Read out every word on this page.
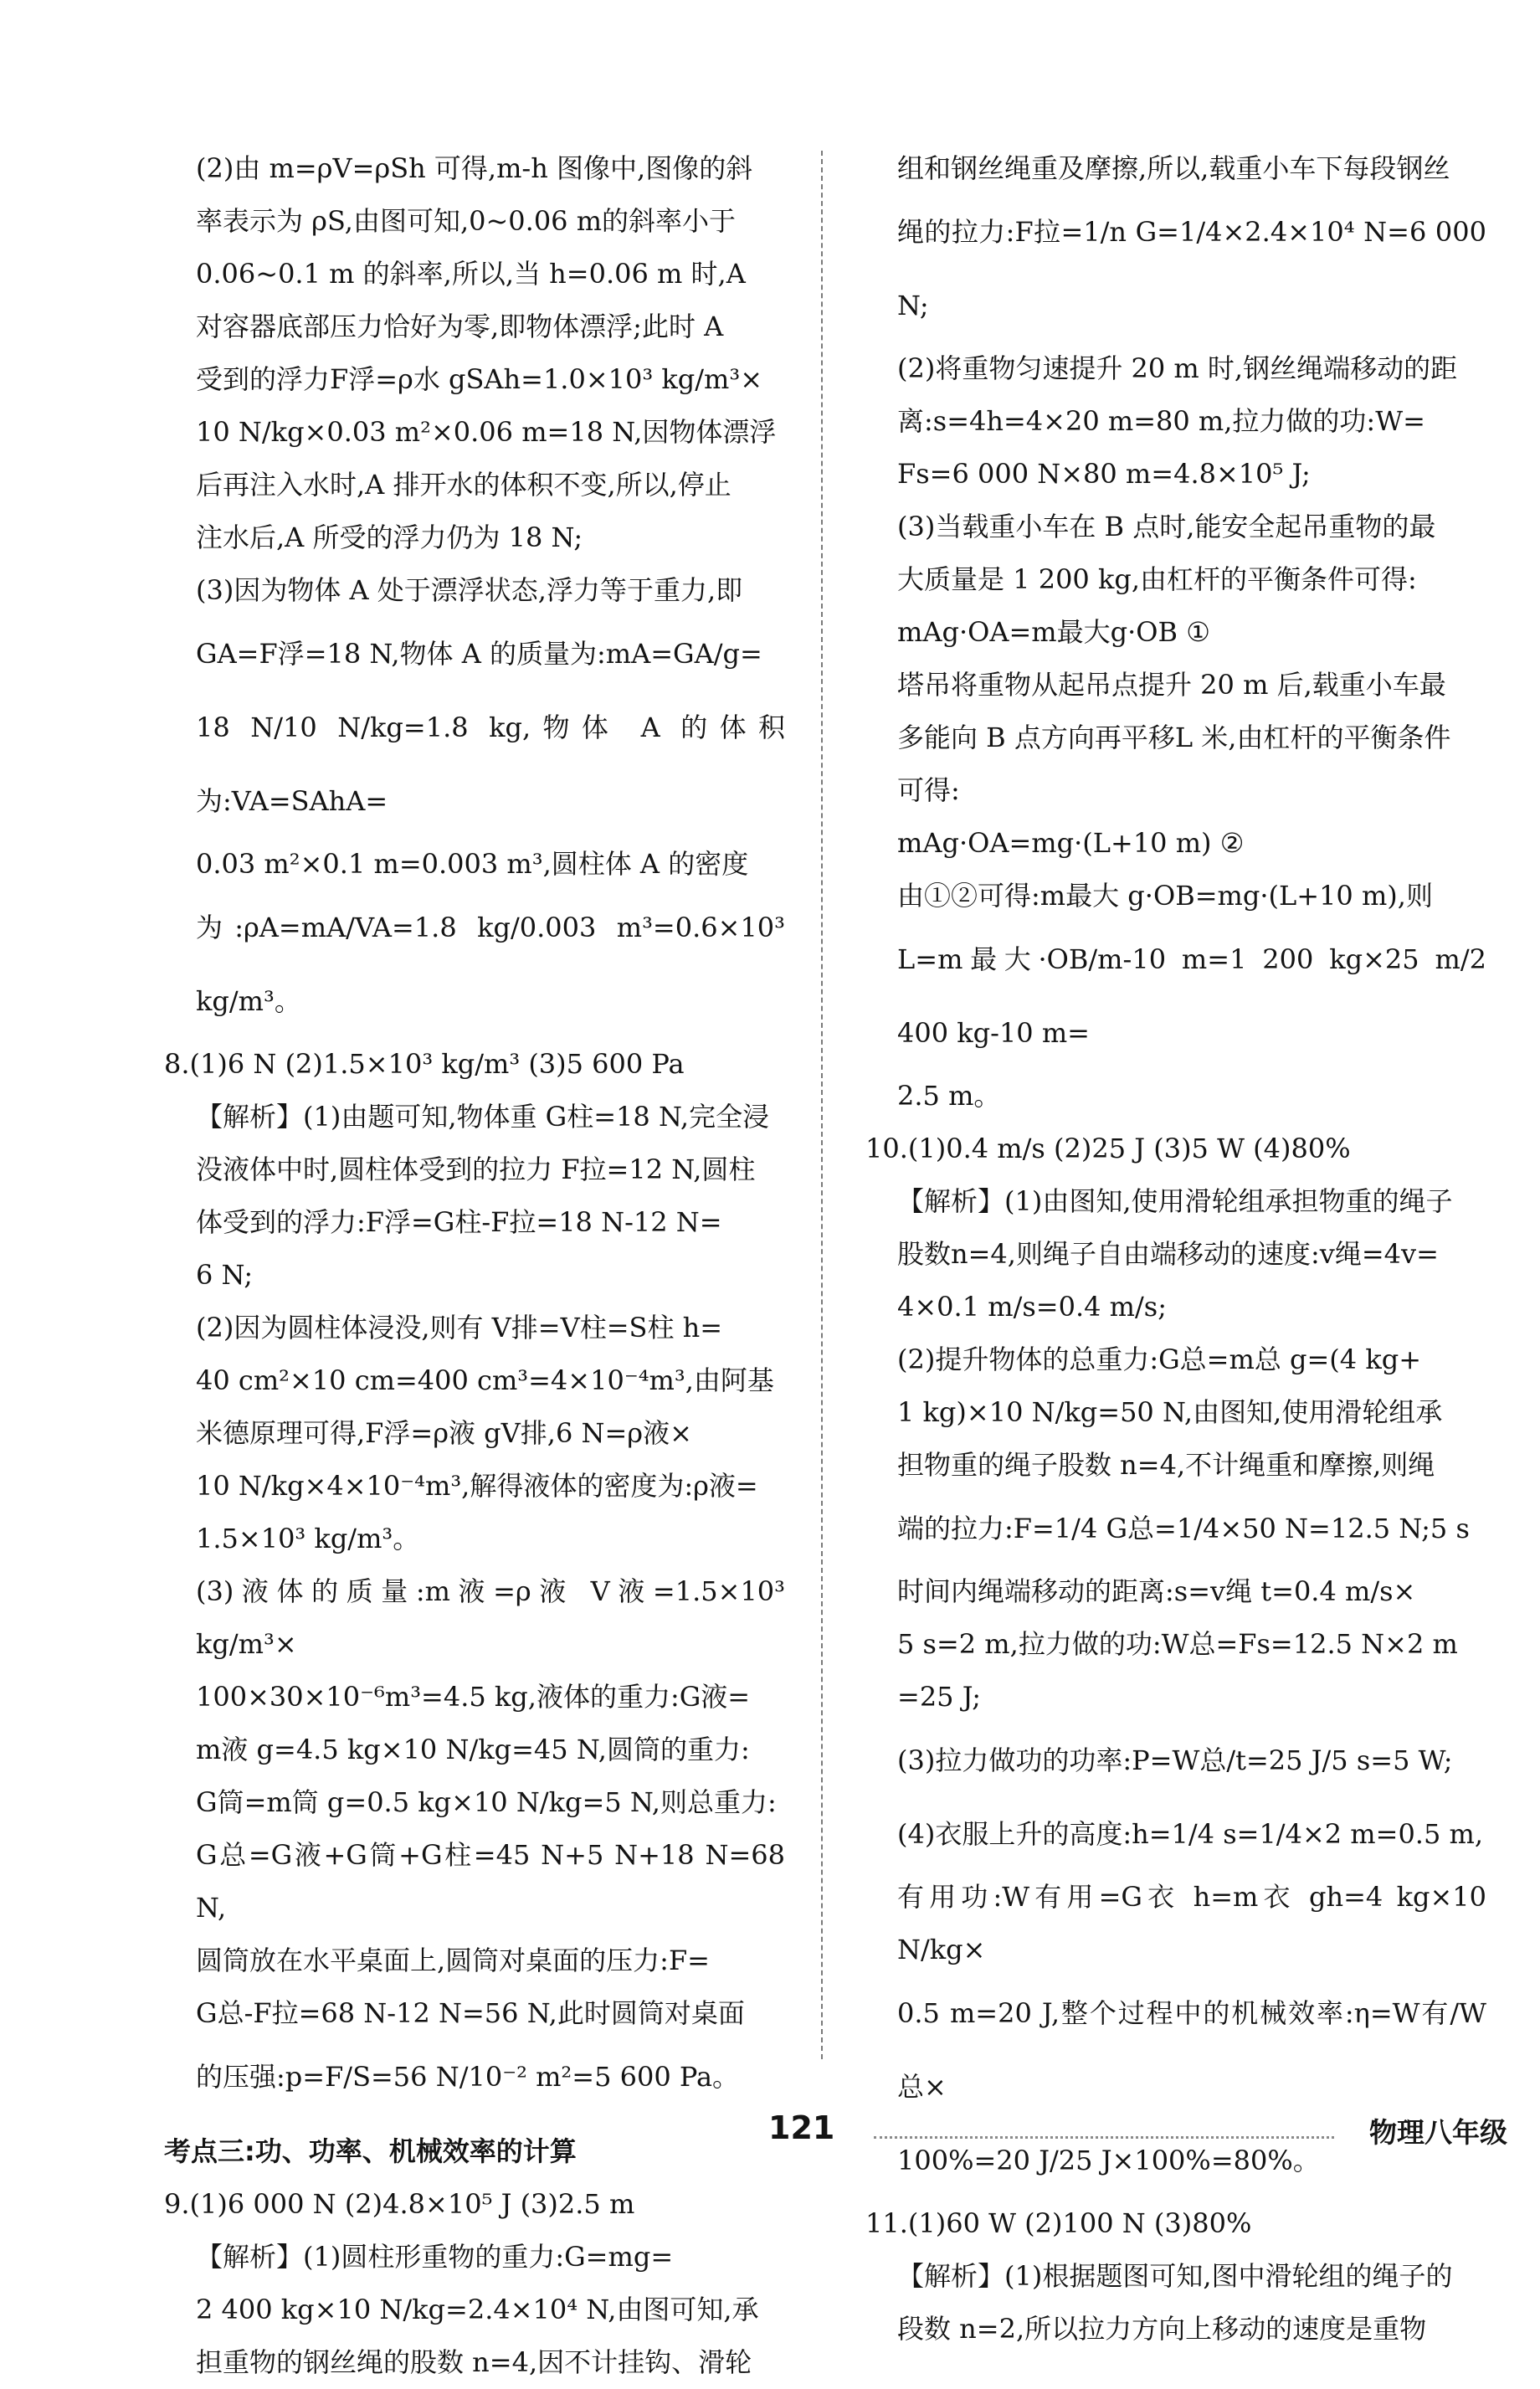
(2)由 m=ρV=ρSh 可得,m-h 图像中,图像的斜

率表示为 ρS,由图可知,0~0.06 m的斜率小于

0.06~0.1 m 的斜率,所以,当 h=0.06 m 时,A

对容器底部压力恰好为零,即物体漂浮;此时 A

受到的浮力F浮=ρ水 gSAh=1.0×10³ kg/m³×

10 N/kg×0.03 m²×0.06 m=18 N,因物体漂浮

后再注入水时,A 排开水的体积不变,所以,停止

注水后,A 所受的浮力仍为 18 N;

(3)因为物体 A 处于漂浮状态,浮力等于重力,即

GA=F浮=18 N,物体 A 的质量为:mA=GA/g=

18 N/10 N/kg=1.8 kg,物体 A 的体积为:VA=SAhA=

0.03 m²×0.1 m=0.003 m³,圆柱体 A 的密度

为:ρA=mA/VA=1.8 kg/0.003 m³=0.6×10³ kg/m³。

8.(1)6 N (2)1.5×10³ kg/m³ (3)5 600 Pa

【解析】(1)由题可知,物体重 G柱=18 N,完全浸

没液体中时,圆柱体受到的拉力 F拉=12 N,圆柱

体受到的浮力:F浮=G柱-F拉=18 N-12 N=

6 N;

(2)因为圆柱体浸没,则有 V排=V柱=S柱 h=

40 cm²×10 cm=400 cm³=4×10⁻⁴m³,由阿基

米德原理可得,F浮=ρ液 gV排,6 N=ρ液×

10 N/kg×4×10⁻⁴m³,解得液体的密度为:ρ液=

1.5×10³ kg/m³。

(3)液体的质量:m液=ρ液 V液=1.5×10³ kg/m³×

100×30×10⁻⁶m³=4.5 kg,液体的重力:G液=

m液 g=4.5 kg×10 N/kg=45 N,圆筒的重力:

G筒=m筒 g=0.5 kg×10 N/kg=5 N,则总重力:

G总=G液+G筒+G柱=45 N+5 N+18 N=68 N,

圆筒放在水平桌面上,圆筒对桌面的压力:F=

G总-F拉=68 N-12 N=56 N,此时圆筒对桌面

的压强:p=F/S=56 N/10⁻² m²=5 600 Pa。

考点三:功、功率、机械效率的计算

9.(1)6 000 N (2)4.8×10⁵ J (3)2.5 m

【解析】(1)圆柱形重物的重力:G=mg=

2 400 kg×10 N/kg=2.4×10⁴ N,由图可知,承

担重物的钢丝绳的股数 n=4,因不计挂钩、滑轮

组和钢丝绳重及摩擦,所以,载重小车下每段钢丝

绳的拉力:F拉=1/n G=1/4×2.4×10⁴ N=6 000 N;

(2)将重物匀速提升 20 m 时,钢丝绳端移动的距

离:s=4h=4×20 m=80 m,拉力做的功:W=

Fs=6 000 N×80 m=4.8×10⁵ J;

(3)当载重小车在 B 点时,能安全起吊重物的最

大质量是 1 200 kg,由杠杆的平衡条件可得:

mAg·OA=m最大g·OB ①

塔吊将重物从起吊点提升 20 m 后,载重小车最

多能向 B 点方向再平移L 米,由杠杆的平衡条件

可得:

mAg·OA=mg·(L+10 m) ②

由①②可得:m最大 g·OB=mg·(L+10 m),则

L=m最大·OB/m-10 m=1 200 kg×25 m/2 400 kg-10 m=

2.5 m。

10.(1)0.4 m/s (2)25 J (3)5 W (4)80%

【解析】(1)由图知,使用滑轮组承担物重的绳子

股数n=4,则绳子自由端移动的速度:v绳=4v=

4×0.1 m/s=0.4 m/s;

(2)提升物体的总重力:G总=m总 g=(4 kg+

1 kg)×10 N/kg=50 N,由图知,使用滑轮组承

担物重的绳子股数 n=4,不计绳重和摩擦,则绳

端的拉力:F=1/4 G总=1/4×50 N=12.5 N;5 s

时间内绳端移动的距离:s=v绳 t=0.4 m/s×

5 s=2 m,拉力做的功:W总=Fs=12.5 N×2 m

=25 J;

(3)拉力做功的功率:P=W总/t=25 J/5 s=5 W;

(4)衣服上升的高度:h=1/4 s=1/4×2 m=0.5 m,

有用功:W有用=G衣 h=m衣 gh=4 kg×10 N/kg×

0.5 m=20 J,整个过程中的机械效率:η=W有/W总×

100%=20 J/25 J×100%=80%。

11.(1)60 W (2)100 N (3)80%

【解析】(1)根据题图可知,图中滑轮组的绳子的

段数 n=2,所以拉力方向上移动的速度是重物

121	物理八年级
